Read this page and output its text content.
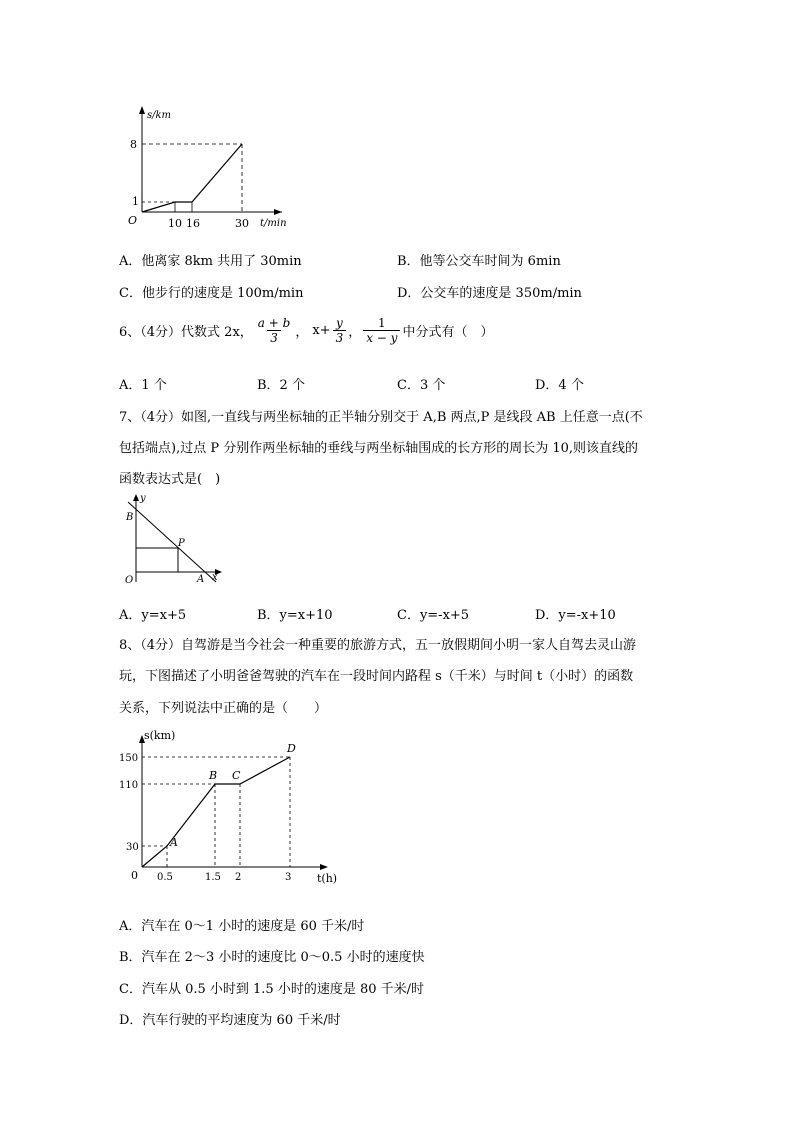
s/km
t/min
O
8
1
10 16	30
A．他离家 8km 共用了 30min	B．他等公交车时间为 6min
C．他步行的速度是 100m/min	D．公交车的速度是 350m/min
6、（4分）代数式 2x， $\frac{a + b}{3}$ ， $x+ \frac{y}{3}$ ， $\frac{1}{x - y}$ 中分式有（　）
A．1 个	B．2 个	C．3 个	D．4 个
7、（4分）如图,一直线与两坐标轴的正半轴分别交于 A,B 两点,P 是线段 AB 上任意一点(不
包括端点),过点 P 分别作两坐标轴的垂线与两坐标轴围成的长方形的周长为 10,则该直线的
函数表达式是(　)
y
x
B
P
O	A
A．y=x+5	B．y=x+10	C．y=-x+5	D．y=-x+10
8、（4分）自驾游是当今社会一种重要的旅游方式，五一放假期间小明一家人自驾去灵山游
玩，下图描述了小明爸爸驾驶的汽车在一段时间内路程 s（千米）与时间 t（小时）的函数
关系，下列说法中正确的是（　　）
s(km)
t(h)
0
150
110
30
0.5	1.5 2	3
A
B C
D
A．汽车在 0～1 小时的速度是 60 千米/时
B．汽车在 2～3 小时的速度比 0～0.5 小时的速度快
C．汽车从 0.5 小时到 1.5 小时的速度是 80 千米/时
D．汽车行驶的平均速度为 60 千米/时
